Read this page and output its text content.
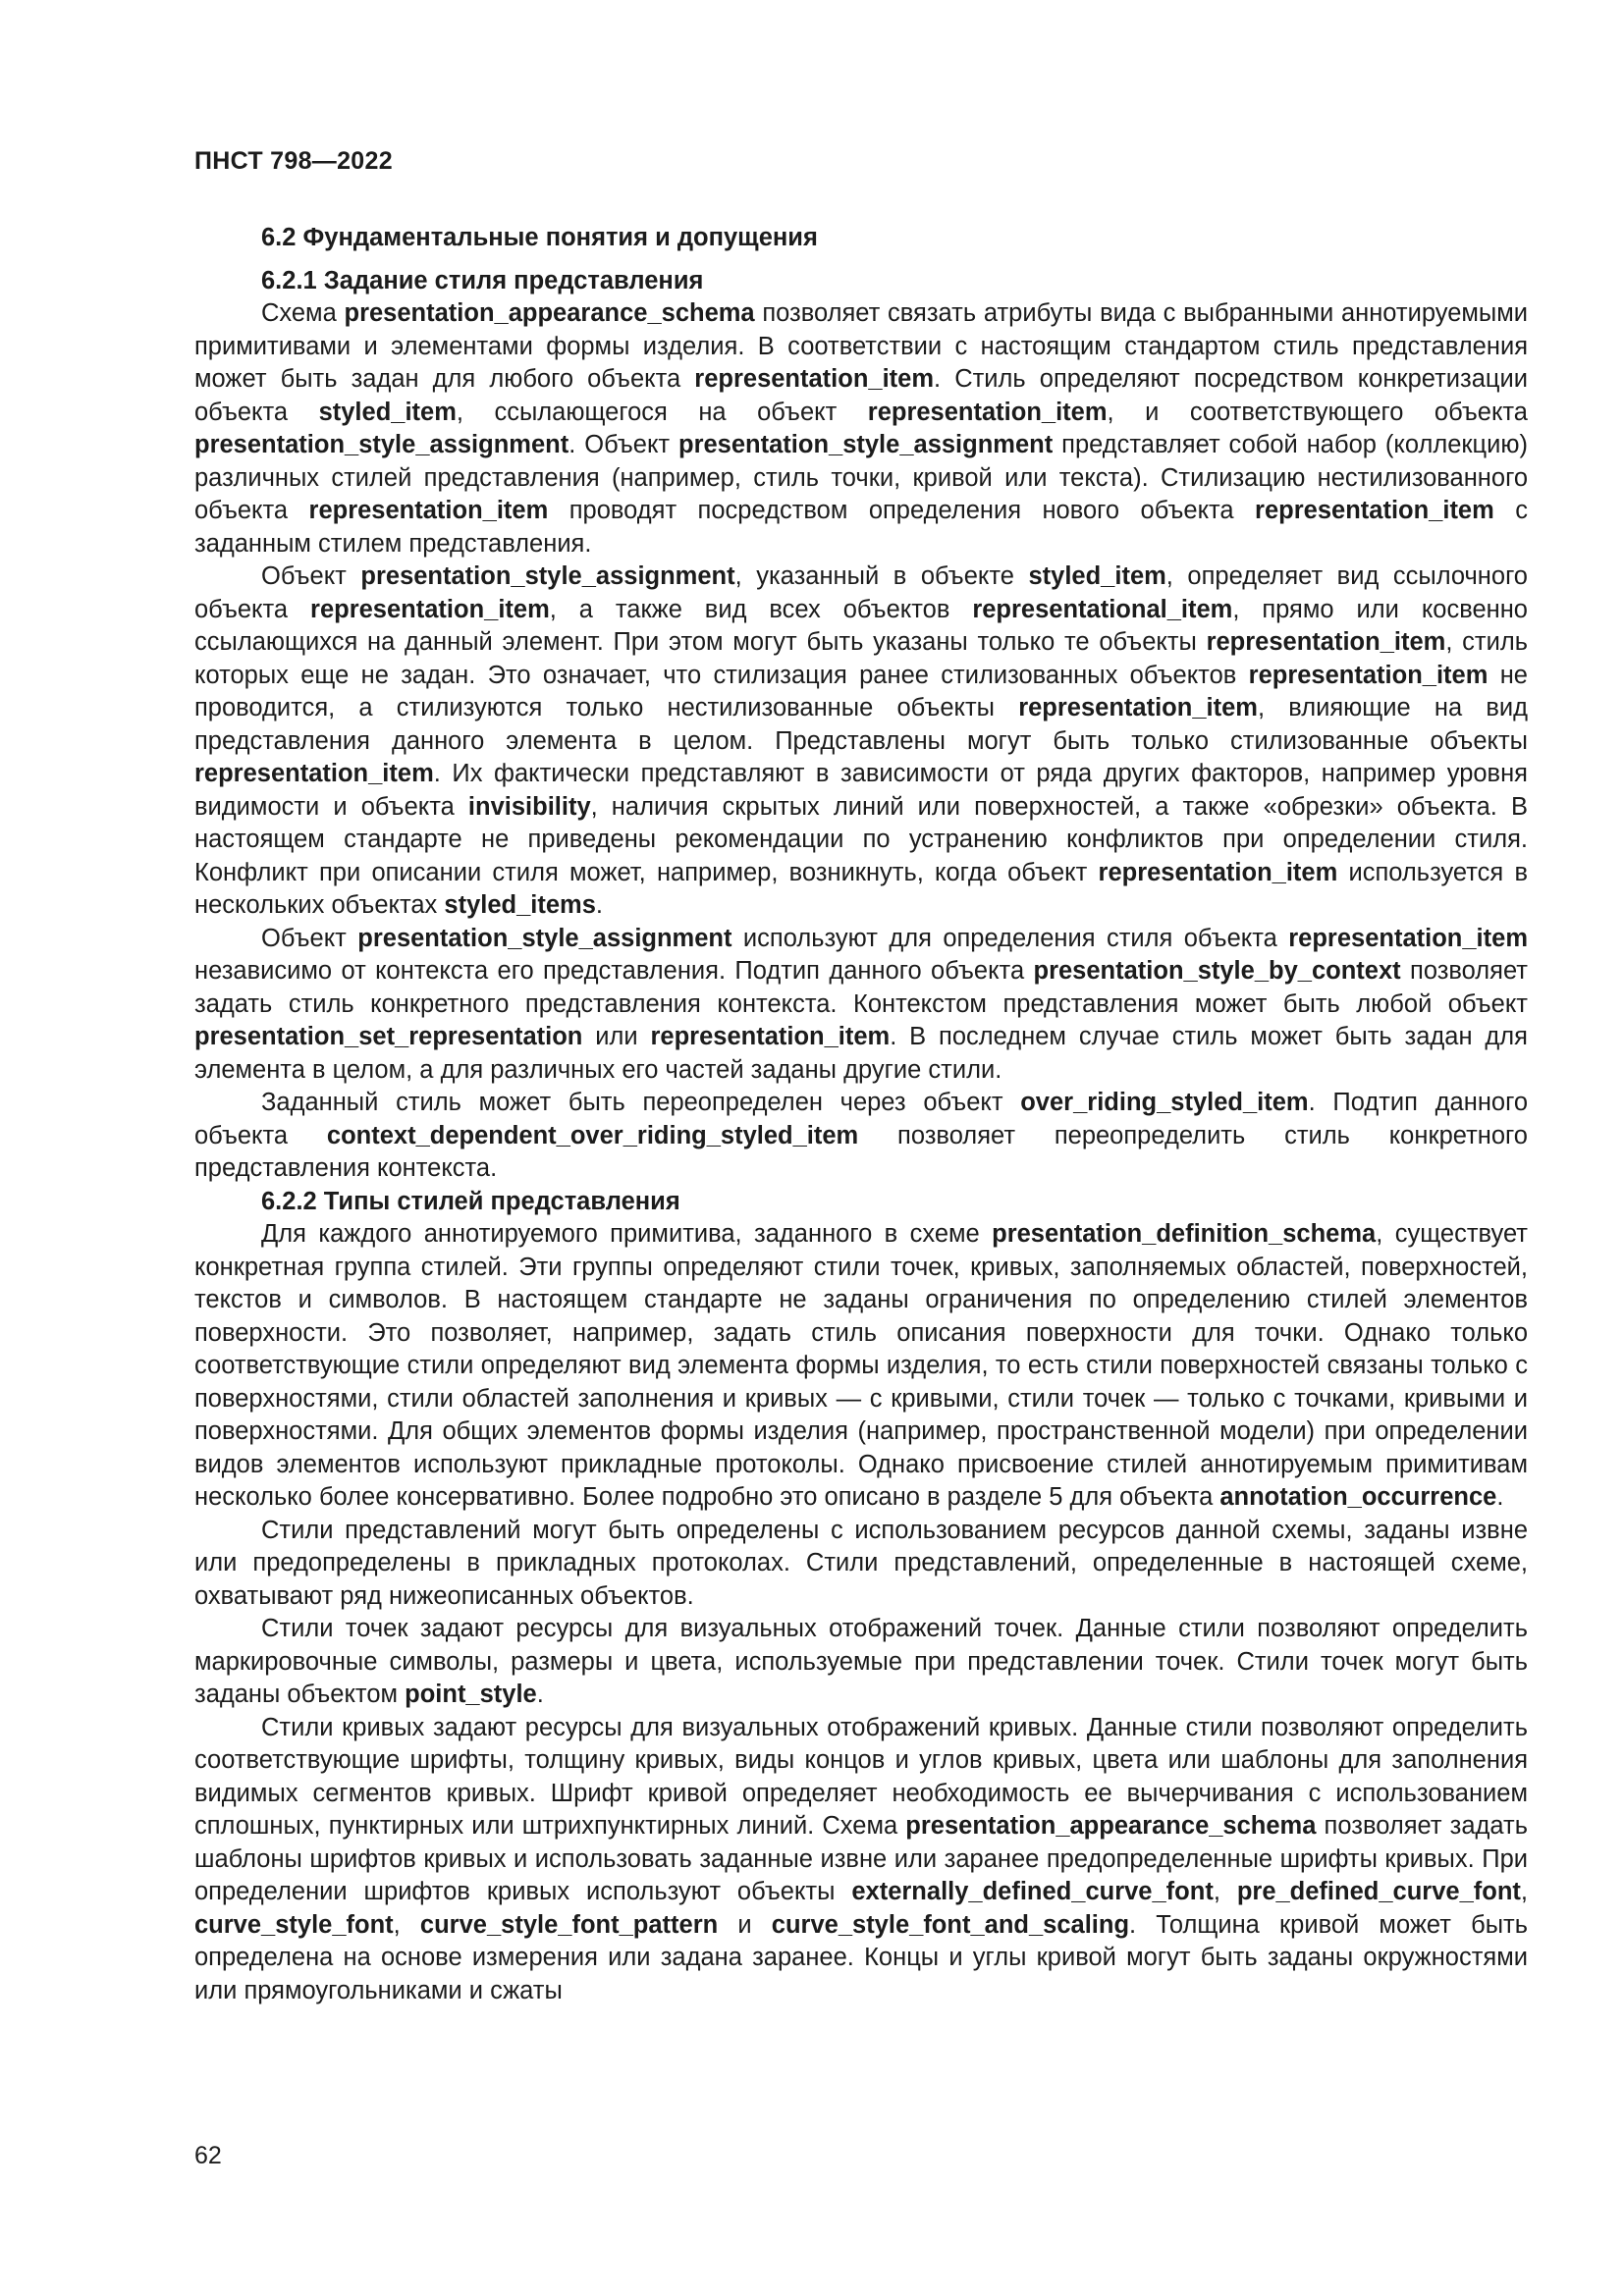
ПНСТ 798—2022
6.2 Фундаментальные понятия и допущения
6.2.1 Задание стиля представления

Схема presentation_appearance_schema позволяет связать атрибуты вида с выбранными аннотируемыми примитивами и элементами формы изделия. В соответствии с настоящим стандартом стиль представления может быть задан для любого объекта representation_item. Стиль определяют посредством конкретизации объекта styled_item, ссылающегося на объект representation_item, и соответствующего объекта presentation_style_assignment. Объект presentation_style_assignment представляет собой набор (коллекцию) различных стилей представления (например, стиль точки, кривой или текста). Стилизацию нестилизованного объекта representation_item проводят посредством определения нового объекта representation_item с заданным стилем представления.

Объект presentation_style_assignment, указанный в объекте styled_item, определяет вид ссылочного объекта representation_item, а также вид всех объектов representational_item, прямо или косвенно ссылающихся на данный элемент. При этом могут быть указаны только те объекты representation_item, стиль которых еще не задан. Это означает, что стилизация ранее стилизованных объектов representation_item не проводится, а стилизуются только нестилизованные объекты representation_item, влияющие на вид представления данного элемента в целом. Представлены могут быть только стилизованные объекты representation_item. Их фактически представляют в зависимости от ряда других факторов, например уровня видимости и объекта invisibility, наличия скрытых линий или поверхностей, а также «обрезки» объекта. В настоящем стандарте не приведены рекомендации по устранению конфликтов при определении стиля. Конфликт при описании стиля может, например, возникнуть, когда объект representation_item используется в нескольких объектах styled_items.

Объект presentation_style_assignment используют для определения стиля объекта representation_item независимо от контекста его представления. Подтип данного объекта presentation_style_by_context позволяет задать стиль конкретного представления контекста. Контекстом представления может быть любой объект presentation_set_representation или representation_item. В последнем случае стиль может быть задан для элемента в целом, а для различных его частей заданы другие стили.

Заданный стиль может быть переопределен через объект over_riding_styled_item. Подтип данного объекта context_dependent_over_riding_styled_item позволяет переопределить стиль конкретного представления контекста.

6.2.2 Типы стилей представления

Для каждого аннотируемого примитива, заданного в схеме presentation_definition_schema, существует конкретная группа стилей. Эти группы определяют стили точек, кривых, заполняемых областей, поверхностей, текстов и символов. В настоящем стандарте не заданы ограничения по определению стилей элементов поверхности. Это позволяет, например, задать стиль описания поверхности для точки. Однако только соответствующие стили определяют вид элемента формы изделия, то есть стили поверхностей связаны только с поверхностями, стили областей заполнения и кривых — с кривыми, стили точек — только с точками, кривыми и поверхностями. Для общих элементов формы изделия (например, пространственной модели) при определении видов элементов используют прикладные протоколы. Однако присвоение стилей аннотируемым примитивам несколько более консервативно. Более подробно это описано в разделе 5 для объекта annotation_occurrence.

Стили представлений могут быть определены с использованием ресурсов данной схемы, заданы извне или предопределены в прикладных протоколах. Стили представлений, определенные в настоящей схеме, охватывают ряд нижеописанных объектов.

Стили точек задают ресурсы для визуальных отображений точек. Данные стили позволяют определить маркировочные символы, размеры и цвета, используемые при представлении точек. Стили точек могут быть заданы объектом point_style.

Стили кривых задают ресурсы для визуальных отображений кривых. Данные стили позволяют определить соответствующие шрифты, толщину кривых, виды концов и углов кривых, цвета или шаблоны для заполнения видимых сегментов кривых. Шрифт кривой определяет необходимость ее вычерчивания с использованием сплошных, пунктирных или штрихпунктирных линий. Схема presentation_appearance_schema позволяет задать шаблоны шрифтов кривых и использовать заданные извне или заранее предопределенные шрифты кривых. При определении шрифтов кривых используют объекты externally_defined_curve_font, pre_defined_curve_font, curve_style_font, curve_style_font_pattern и curve_style_font_and_scaling. Толщина кривой может быть определена на основе измерения или задана заранее. Концы и углы кривой могут быть заданы окружностями или прямоугольниками и сжаты

62
